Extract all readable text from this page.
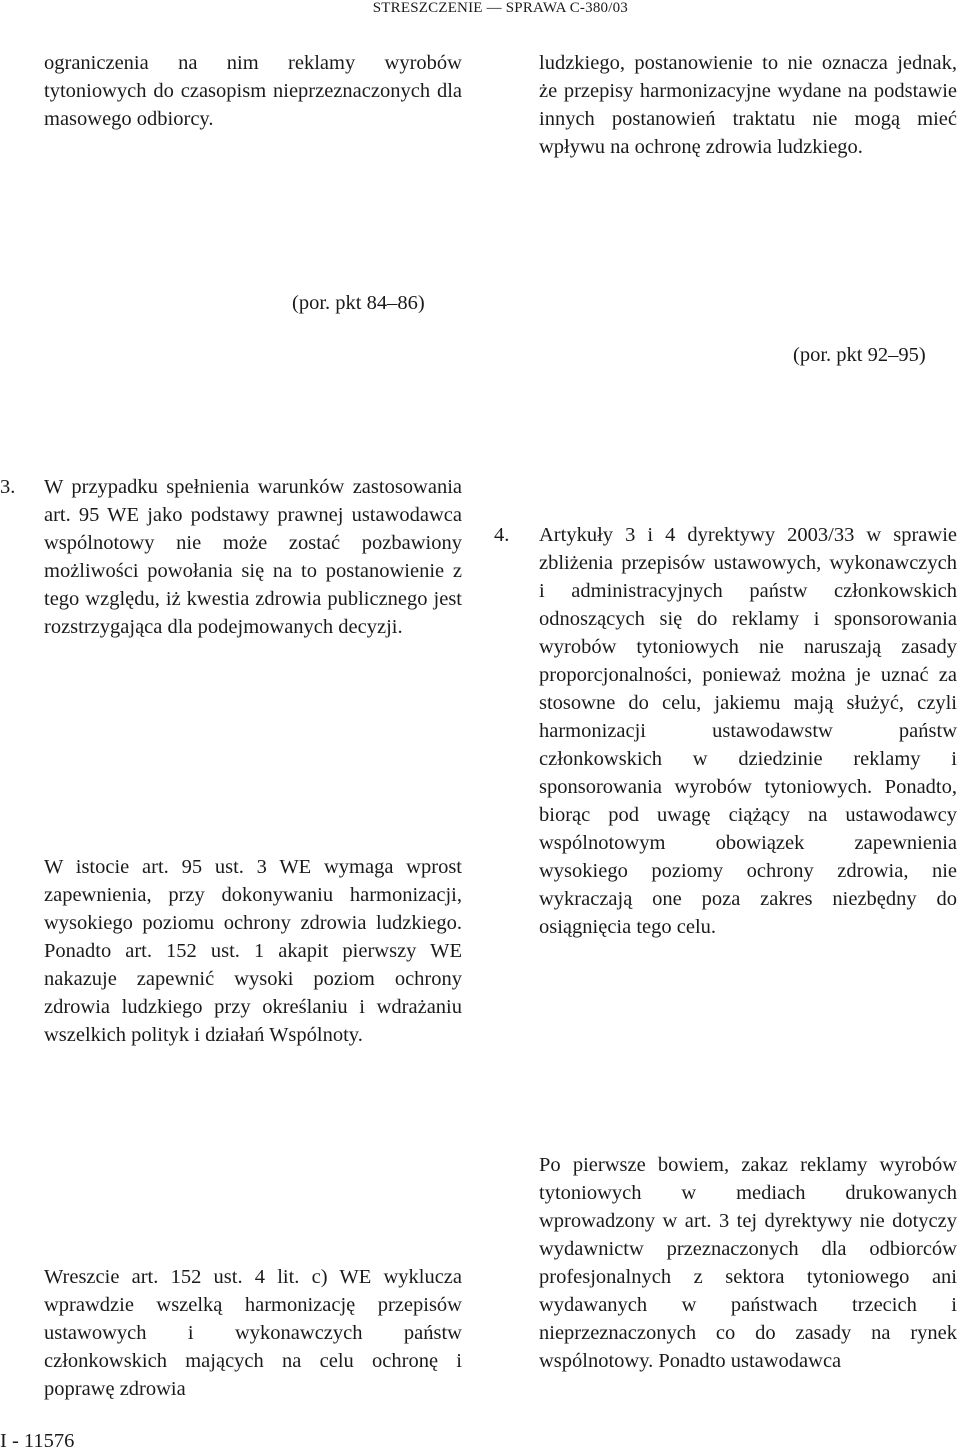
STRESZCZENIE — SPRAWA C-380/03

ograniczenia na nim reklamy wyrobów tytoniowych do czasopism nieprzeznaczonych dla masowego odbiorcy.

(por. pkt 84–86)
3. W przypadku spełnienia warunków zastosowania art. 95 WE jako podstawy prawnej ustawodawca wspólnotowy nie może zostać pozbawiony możliwości powołania się na to postanowienie z tego względu, iż kwestia zdrowia publicznego jest rozstrzygająca dla podejmowanych decyzji.

W istocie art. 95 ust. 3 WE wymaga wprost zapewnienia, przy dokonywaniu harmonizacji, wysokiego poziomu ochrony zdrowia ludzkiego. Ponadto art. 152 ust. 1 akapit pierwszy WE nakazuje zapewnić wysoki poziom ochrony zdrowia ludzkiego przy określaniu i wdrażaniu wszelkich polityk i działań Wspólnoty.

Wreszcie art. 152 ust. 4 lit. c) WE wyklucza wprawdzie wszelką harmonizację przepisów ustawowych i wykonawczych państw członkowskich mających na celu ochronę i poprawę zdrowia

ludzkiego, postanowienie to nie oznacza jednak, że przepisy harmonizacyjne wydane na podstawie innych postanowień traktatu nie mogą mieć wpływu na ochronę zdrowia ludzkiego.

(por. pkt 92–95)
4. Artykuły 3 i 4 dyrektywy 2003/33 w sprawie zbliżenia przepisów ustawowych, wykonawczych i administracyjnych państw członkowskich odnoszących się do reklamy i sponsorowania wyrobów tytoniowych nie naruszają zasady proporcjonalności, ponieważ można je uznać za stosowne do celu, jakiemu mają służyć, czyli harmonizacji ustawodawstw państw członkowskich w dziedzinie reklamy i sponsorowania wyrobów tytoniowych. Ponadto, biorąc pod uwagę ciążący na ustawodawcy wspólnotowym obowiązek zapewnienia wysokiego poziomy ochrony zdrowia, nie wykraczają one poza zakres niezbędny do osiągnięcia tego celu.

Po pierwsze bowiem, zakaz reklamy wyrobów tytoniowych w mediach drukowanych wprowadzony w art. 3 tej dyrektywy nie dotyczy wydawnictw przeznaczonych dla odbiorców profesjonalnych z sektora tytoniowego ani wydawanych w państwach trzecich i nieprzeznaczonych co do zasady na rynek wspólnotowy. Ponadto ustawodawca

I - 11576
